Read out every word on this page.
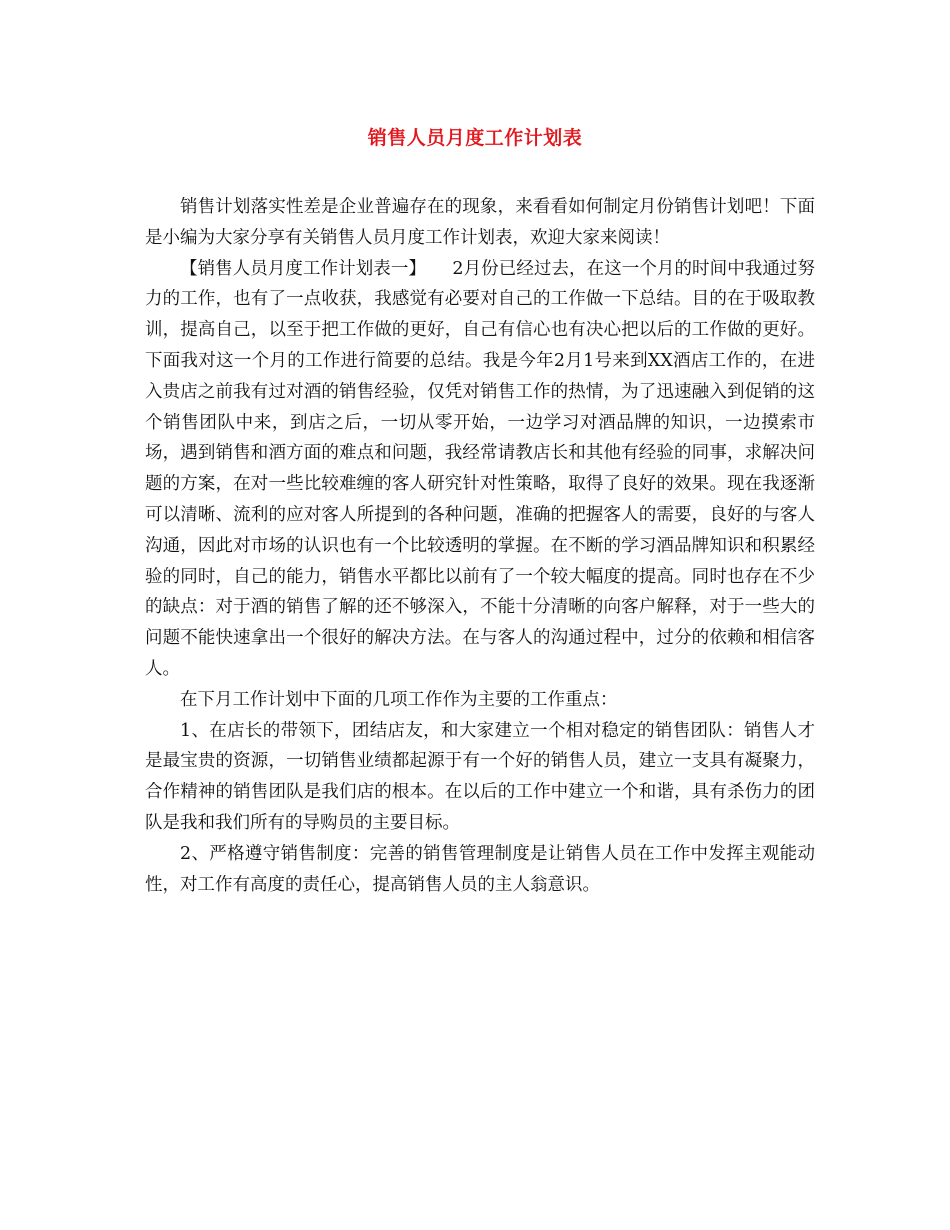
销售人员月度工作计划表

销售计划落实性差是企业普遍存在的现象，来看看如何制定月份销售计划吧！下面是小编为大家分享有关销售人员月度工作计划表，欢迎大家来阅读！

【销售人员月度工作计划表一】　　2月份已经过去，在这一个月的时间中我通过努力的工作，也有了一点收获，我感觉有必要对自己的工作做一下总结。目的在于吸取教训，提高自己，以至于把工作做的更好，自己有信心也有决心把以后的工作做的更好。下面我对这一个月的工作进行简要的总结。我是今年2月1号来到XX酒店工作的，在进入贵店之前我有过对酒的销售经验，仅凭对销售工作的热情，为了迅速融入到促销的这个销售团队中来，到店之后，一切从零开始，一边学习对酒品牌的知识，一边摸索市场，遇到销售和酒方面的难点和问题，我经常请教店长和其他有经验的同事，求解决问题的方案，在对一些比较难缠的客人研究针对性策略，取得了良好的效果。现在我逐渐可以清晰、流利的应对客人所提到的各种问题，准确的把握客人的需要，良好的与客人沟通，因此对市场的认识也有一个比较透明的掌握。在不断的学习酒品牌知识和积累经验的同时，自己的能力，销售水平都比以前有了一个较大幅度的提高。同时也存在不少的缺点：对于酒的销售了解的还不够深入，不能十分清晰的向客户解释，对于一些大的问题不能快速拿出一个很好的解决方法。在与客人的沟通过程中，过分的依赖和相信客人。

在下月工作计划中下面的几项工作作为主要的工作重点：

1、在店长的带领下，团结店友，和大家建立一个相对稳定的销售团队：销售人才是最宝贵的资源，一切销售业绩都起源于有一个好的销售人员，建立一支具有凝聚力，合作精神的销售团队是我们店的根本。在以后的工作中建立一个和谐，具有杀伤力的团队是我和我们所有的导购员的主要目标。

2、严格遵守销售制度：完善的销售管理制度是让销售人员在工作中发挥主观能动性，对工作有高度的责任心，提高销售人员的主人翁意识。
